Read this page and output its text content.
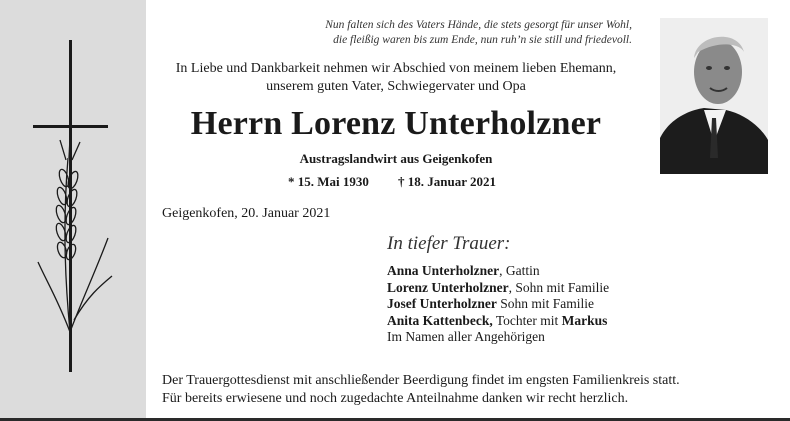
Nun falten sich des Vaters Hände, die stets gesorgt für unser Wohl,
die fleißig waren bis zum Ende, nun ruh’n sie still und friedevoll.
In Liebe und Dankbarkeit nehmen wir Abschied von meinem lieben Ehemann,
unserem guten Vater, Schwiegervater und Opa
Herrn Lorenz Unterholzner
Austragslandwirt aus Geigenkofen
* 15. Mai 1930 † 18. Januar 2021
Geigenkofen, 20. Januar 2021
In tiefer Trauer:
Anna Unterholzner, Gattin
Lorenz Unterholzner, Sohn mit Familie
Josef Unterholzner Sohn mit Familie
Anita Kattenbeck, Tochter mit Markus
Im Namen aller Angehörigen
Der Trauergottesdienst mit anschließender Beerdigung findet im engsten Familienkreis statt.
Für bereits erwiesene und noch zugedachte Anteilnahme danken wir recht herzlich.
